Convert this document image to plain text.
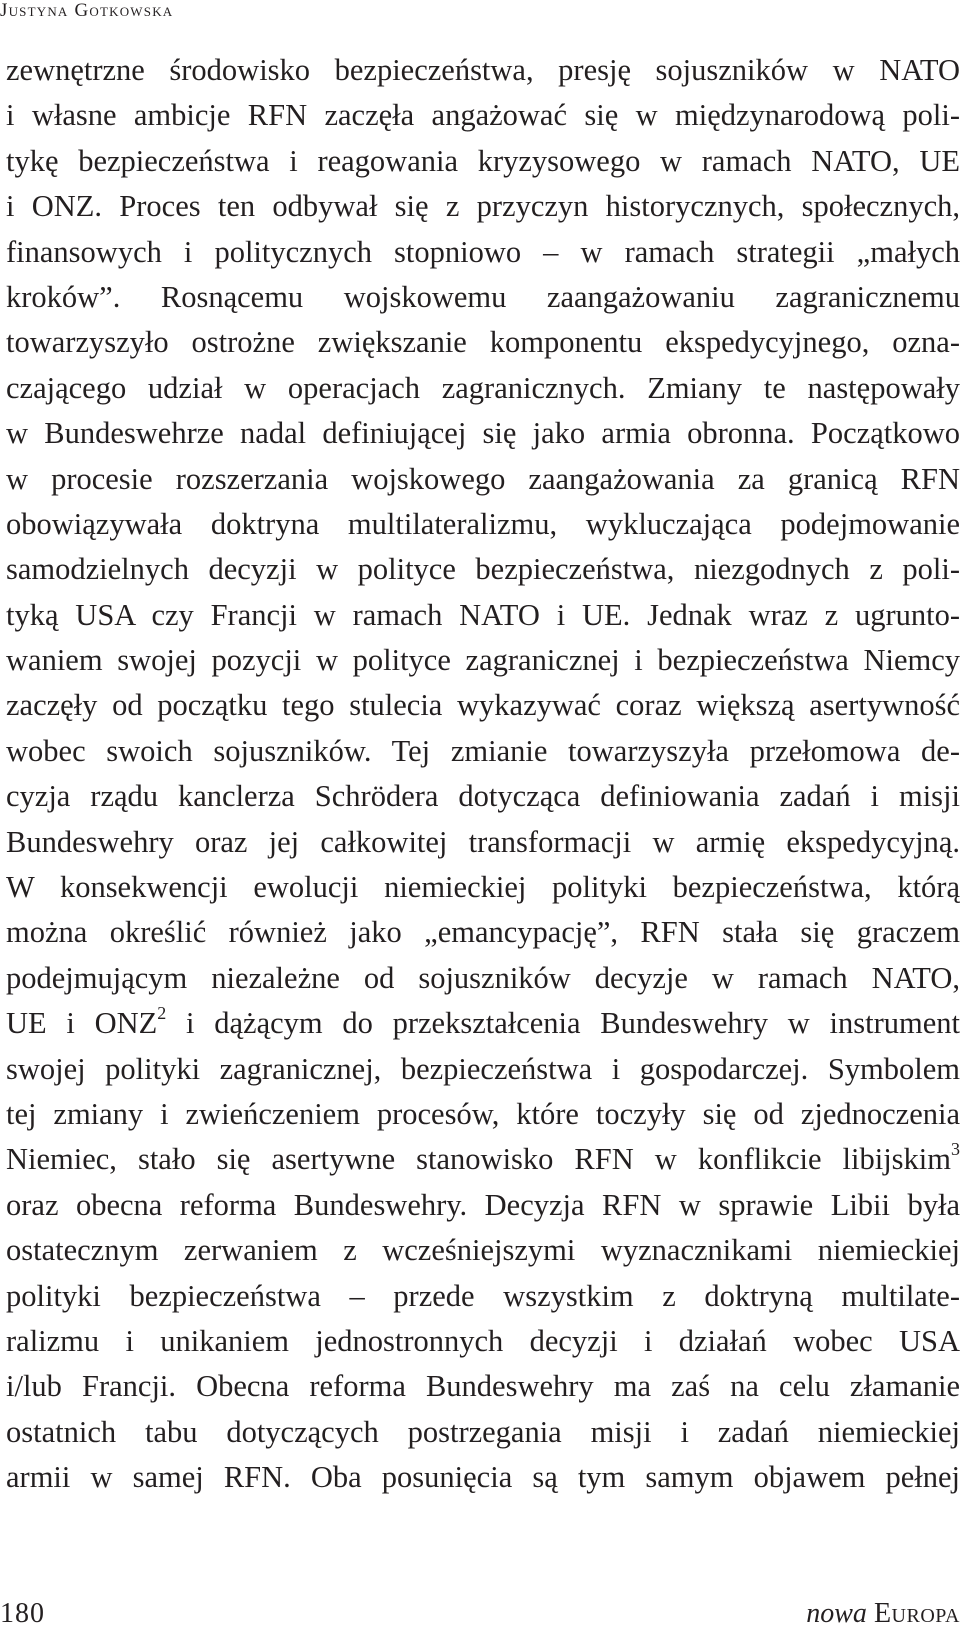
Justyna Gotkowska
zewnętrzne środowisko bezpieczeństwa, presję sojuszników w NATO
i własne ambicje RFN zaczęła angażować się w międzynarodową poli-
tykę bezpieczeństwa i reagowania kryzysowego w ramach NATO, UE
i ONZ. Proces ten odbywał się z przyczyn historycznych, społecznych,
finansowych i politycznych stopniowo – w ramach strategii „małych
kroków”. Rosnącemu wojskowemu zaangażowaniu zagranicznemu
towarzyszyło ostrożne zwiększanie komponentu ekspedycyjnego, ozna-
czającego udział w operacjach zagranicznych. Zmiany te następowały
w Bundeswehrze nadal definiującej się jako armia obronna. Początkowo
w procesie rozszerzania wojskowego zaangażowania za granicą RFN
obowiązywała doktryna multilateralizmu, wykluczająca podejmowanie
samodzielnych decyzji w polityce bezpieczeństwa, niezgodnych z poli-
tyką USA czy Francji w ramach NATO i UE. Jednak wraz z ugrunto-
waniem swojej pozycji w polityce zagranicznej i bezpieczeństwa Niemcy
zaczęły od początku tego stulecia wykazywać coraz większą asertywność
wobec swoich sojuszników. Tej zmianie towarzyszyła przełomowa de-
cyzja rządu kanclerza Schrödera dotycząca definiowania zadań i misji
Bundeswehry oraz jej całkowitej transformacji w armię ekspedycyjną.
W konsekwencji ewolucji niemieckiej polityki bezpieczeństwa, którą
można określić również jako „emancypację”, RFN stała się graczem
podejmującym niezależne od sojuszników decyzje w ramach NATO,
UE i ONZ$^2$ i dążącym do przekształcenia Bundeswehry w instrument
swojej polityki zagranicznej, bezpieczeństwa i gospodarczej. Symbolem
tej zmiany i zwieńczeniem procesów, które toczyły się od zjednoczenia
Niemiec, stało się asertywne stanowisko RFN w konflikcie libijskim$^3$
oraz obecna reforma Bundeswehry. Decyzja RFN w sprawie Libii była
ostatecznym zerwaniem z wcześniejszymi wyznacznikami niemieckiej
polityki bezpieczeństwa – przede wszystkim z doktryną multilate-
ralizmu i unikaniem jednostronnych decyzji i działań wobec USA
i/lub Francji. Obecna reforma Bundeswehry ma zaś na celu złamanie
ostatnich tabu dotyczących postrzegania misji i zadań niemieckiej
armii w samej RFN. Oba posunięcia są tym samym objawem pełnej
180	nowa Europa
